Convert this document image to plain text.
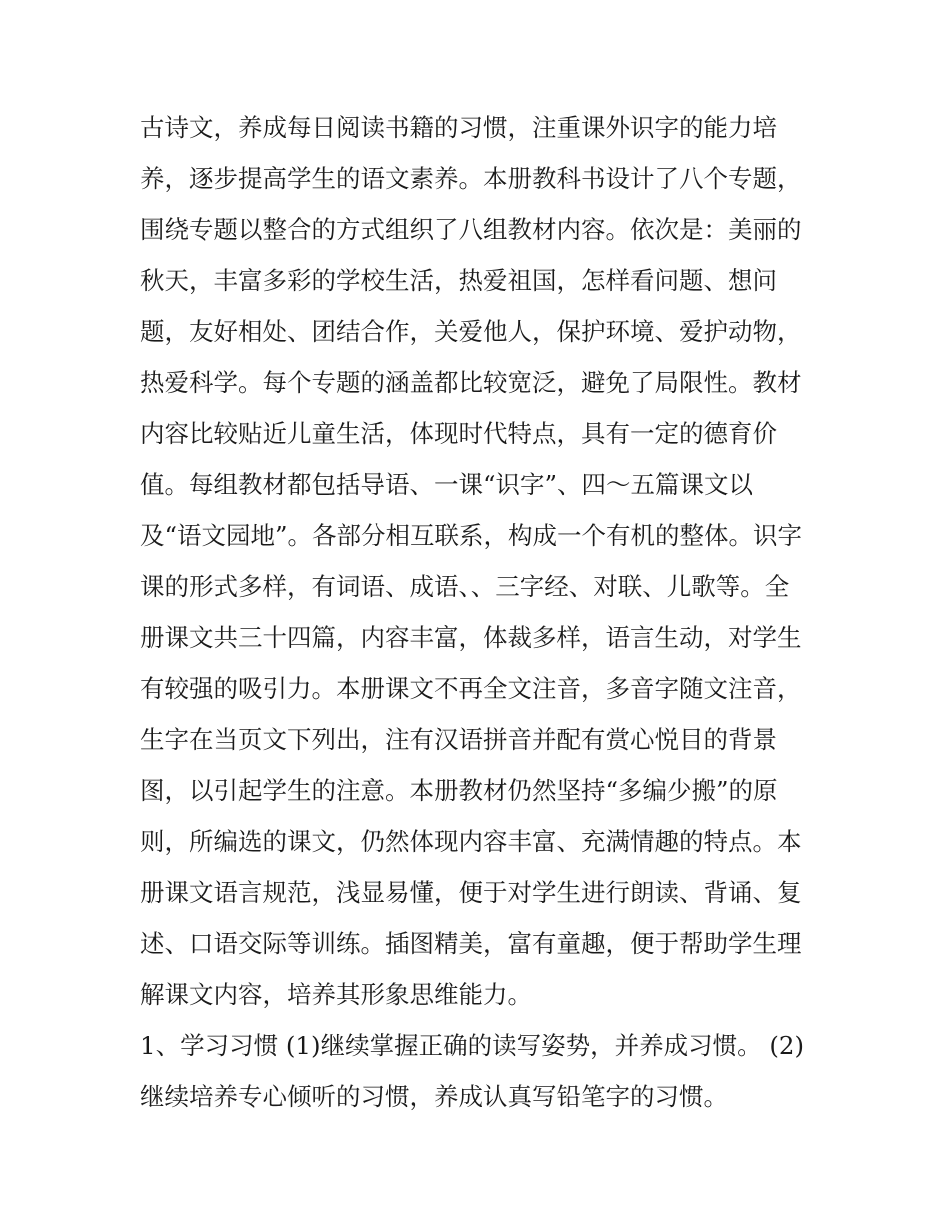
古诗文，养成每日阅读书籍的习惯，注重课外识字的能力培
养，逐步提高学生的语文素养。本册教科书设计了八个专题，
围绕专题以整合的方式组织了八组教材内容。依次是：美丽的
秋天，丰富多彩的学校生活，热爱祖国，怎样看问题、想问
题，友好相处、团结合作，关爱他人，保护环境、爱护动物，
热爱科学。每个专题的涵盖都比较宽泛，避免了局限性。教材
内容比较贴近儿童生活，体现时代特点，具有一定的德育价
值。每组教材都包括导语、一课“识字”、四～五篇课文以
及“语文园地”。各部分相互联系，构成一个有机的整体。识字
课的形式多样，有词语、成语、、三字经、对联、儿歌等。全
册课文共三十四篇，内容丰富，体裁多样，语言生动，对学生
有较强的吸引力。本册课文不再全文注音，多音字随文注音，
生字在当页文下列出，注有汉语拼音并配有赏心悦目的背景
图，以引起学生的注意。本册教材仍然坚持“多编少搬”的原
则，所编选的课文，仍然体现内容丰富、充满情趣的特点。本
册课文语言规范，浅显易懂，便于对学生进行朗读、背诵、复
述、口语交际等训练。插图精美，富有童趣，便于帮助学生理
解课文内容，培养其形象思维能力。
1、学习习惯 (1)继续掌握正确的读写姿势，并养成习惯。 (2)
继续培养专心倾听的习惯，养成认真写铅笔字的习惯。
